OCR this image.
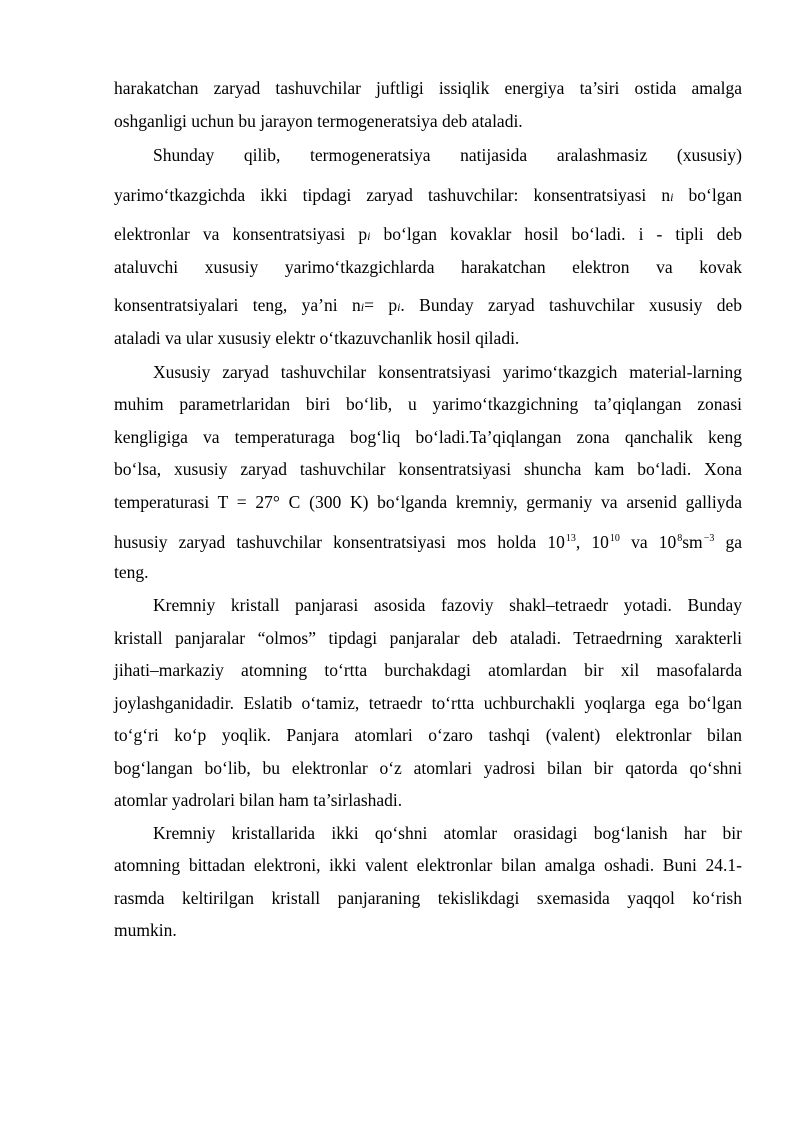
harakatchan zaryad tashuvchilar juftligi issiqlik energiya ta’siri ostida amalga
oshganligi uchun bu jarayon termogeneratsiya deb ataladi.
Shunday qilib, termogeneratsiya natijasida aralashmasiz (xususiy)
yarimo‘tkazgichda ikki tipdagi zaryad tashuvchilar: konsentratsiyasi ni bo‘lgan
elektronlar va konsentratsiyasi pi bo‘lgan kovaklar hosil bo‘ladi. i - tipli deb
ataluvchi xususiy yarimo‘tkazgichlarda harakatchan elektron va kovak
konsentratsiyalari teng, ya’ni ni= pi. Bunday zaryad tashuvchilar xususiy deb
ataladi va ular xususiy elektr o‘tkazuvchanlik hosil qiladi.
Xususiy zaryad tashuvchilar konsentratsiyasi yarimo‘tkazgich material-larning
muhim parametrlaridan biri bo‘lib, u yarimo‘tkazgichning ta’qiqlangan zonasi
kengligiga va temperaturaga bog‘liq bo‘ladi.Ta’qiqlangan zona qanchalik keng
bo‘lsa, xususiy zaryad tashuvchilar konsentratsiyasi shuncha kam bo‘ladi. Xona
temperaturasi T = 27° C (300 K) bo‘lganda kremniy, germaniy va arsenid galliyda
hususiy zaryad tashuvchilar konsentratsiyasi mos holda $10^{13}$, $10^{10}$ va $10^8sm^{-3}$ ga
teng.
Kremniy kristall panjarasi asosida fazoviy shakl–tetraedr yotadi. Bunday
kristall panjaralar “olmos” tipdagi panjaralar deb ataladi. Tetraedrning xarakterli
jihati–markaziy atomning to‘rtta burchakdagi atomlardan bir xil masofalarda
joylashganidadir. Eslatib o‘tamiz, tetraedr to‘rtta uchburchakli yoqlarga ega bo‘lgan
to‘g‘ri ko‘p yoqlik. Panjara atomlari o‘zaro tashqi (valent) elektronlar bilan
bog‘langan bo‘lib, bu elektronlar o‘z atomlari yadrosi bilan bir qatorda qo‘shni
atomlar yadrolari bilan ham ta’sirlashadi.
Kremniy kristallarida ikki qo‘shni atomlar orasidagi bog‘lanish har bir
atomning bittadan elektroni, ikki valent elektronlar bilan amalga oshadi. Buni 24.1-
rasmda keltirilgan kristall panjaraning tekislikdagi sxemasida yaqqol ko‘rish
mumkin.
